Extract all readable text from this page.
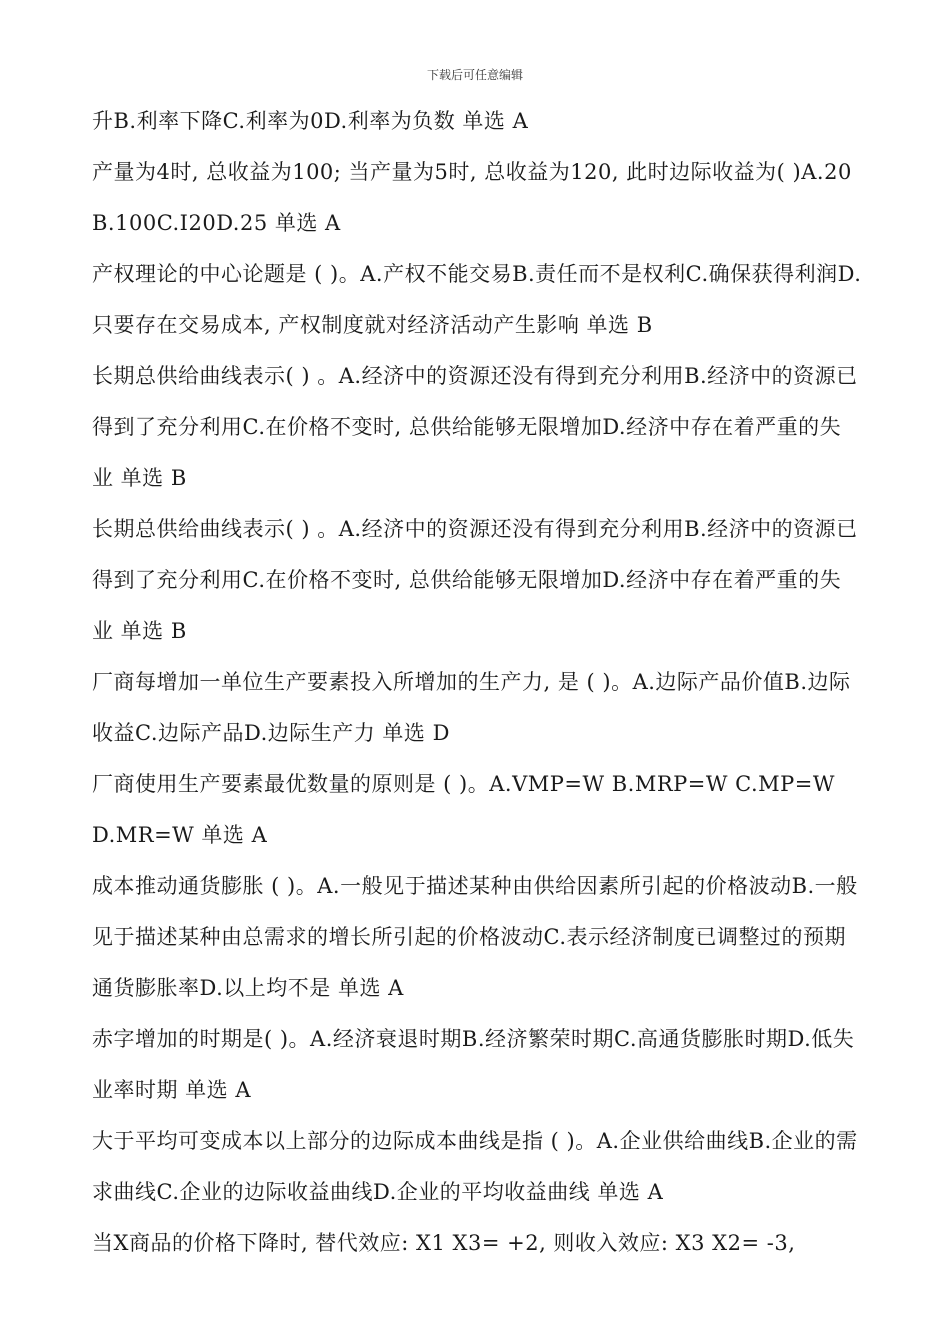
下载后可任意编辑

升B.利率下降C.利率为0D.利率为负数 单选 A

产量为4时, 总收益为100; 当产量为5时, 总收益为120, 此时边际收益为( )A.20B.100C.I20D.25 单选 A

产权理论的中心论题是 ( )。A.产权不能交易B.责任而不是权利C.确保获得利润D.只要存在交易成本, 产权制度就对经济活动产生影响 单选 B

长期总供给曲线表示( ) 。A.经济中的资源还没有得到充分利用B.经济中的资源已得到了充分利用C.在价格不变时, 总供给能够无限增加D.经济中存在着严重的失业 单选 B

长期总供给曲线表示( ) 。A.经济中的资源还没有得到充分利用B.经济中的资源已得到了充分利用C.在价格不变时, 总供给能够无限增加D.经济中存在着严重的失业 单选 B

厂商每增加一单位生产要素投入所增加的生产力, 是 ( )。A.边际产品价值B.边际收益C.边际产品D.边际生产力 单选 D

厂商使用生产要素最优数量的原则是 ( )。A.VMP=W B.MRP=W C.MP=W D.MR=W 单选 A

成本推动通货膨胀 ( )。A.一般见于描述某种由供给因素所引起的价格波动B.一般见于描述某种由总需求的增长所引起的价格波动C.表示经济制度已调整过的预期通货膨胀率D.以上均不是 单选 A

赤字增加的时期是( )。A.经济衰退时期B.经济繁荣时期C.高通货膨胀时期D.低失业率时期 单选 A

大于平均可变成本以上部分的边际成本曲线是指 ( )。A.企业供给曲线B.企业的需求曲线C.企业的边际收益曲线D.企业的平均收益曲线 单选 A

当X商品的价格下降时, 替代效应: X1 X3= +2, 则收入效应: X3 X2= -3,
